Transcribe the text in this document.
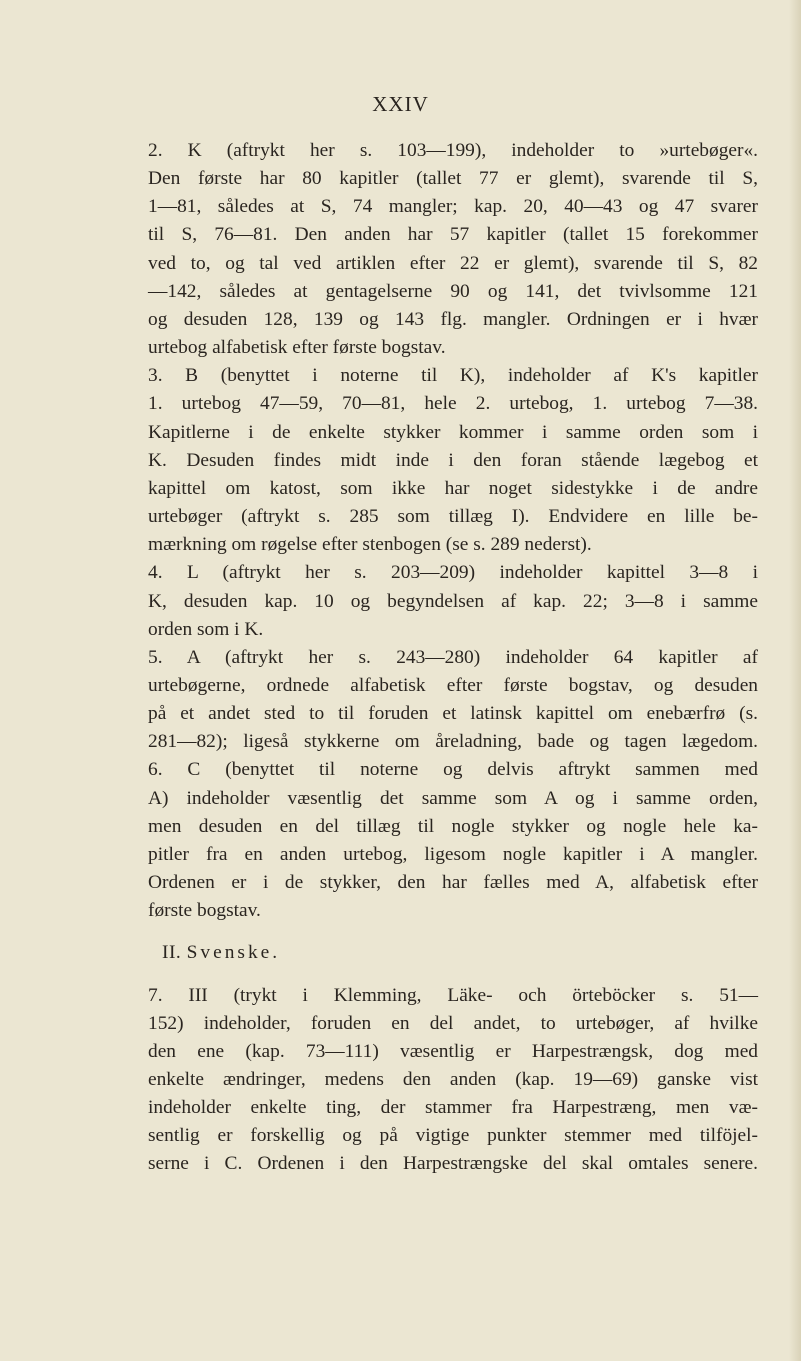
XXIV
2. K (aftrykt her s. 103—199), indeholder to »urtebøger«.
Den første har 80 kapitler (tallet 77 er glemt), svarende til S,
1—81, således at S, 74 mangler; kap. 20, 40—43 og 47 svarer
til S, 76—81. Den anden har 57 kapitler (tallet 15 forekommer
ved to, og tal ved artiklen efter 22 er glemt), svarende til S, 82
—142, således at gentagelserne 90 og 141, det tvivlsomme 121
og desuden 128, 139 og 143 flg. mangler. Ordningen er i hvær
urtebog alfabetisk efter første bogstav.
3. B (benyttet i noterne til K), indeholder af K's kapitler
1. urtebog 47—59, 70—81, hele 2. urtebog, 1. urtebog 7—38.
Kapitlerne i de enkelte stykker kommer i samme orden som i
K. Desuden findes midt inde i den foran stående lægebog et
kapittel om katost, som ikke har noget sidestykke i de andre
urtebøger (aftrykt s. 285 som tillæg I). Endvidere en lille be-
mærkning om røgelse efter stenbogen (se s. 289 nederst).
4. L (aftrykt her s. 203—209) indeholder kapittel 3—8 i
K, desuden kap. 10 og begyndelsen af kap. 22; 3—8 i samme
orden som i K.
5. A (aftrykt her s. 243—280) indeholder 64 kapitler af
urtebøgerne, ordnede alfabetisk efter første bogstav, og desuden
på et andet sted to til foruden et latinsk kapittel om enebærfrø (s.
281—82); ligeså stykkerne om åreladning, bade og tagen lægedom.
6. C (benyttet til noterne og delvis aftrykt sammen med
A) indeholder væsentlig det samme som A og i samme orden,
men desuden en del tillæg til nogle stykker og nogle hele ka-
pitler fra en anden urtebog, ligesom nogle kapitler i A mangler.
Ordenen er i de stykker, den har fælles med A, alfabetisk efter
første bogstav.
II. Svenske.
7. III (trykt i Klemming, Läke- och örteböcker s. 51—
152) indeholder, foruden en del andet, to urtebøger, af hvilke
den ene (kap. 73—111) væsentlig er Harpestrængsk, dog med
enkelte ændringer, medens den anden (kap. 19—69) ganske vist
indeholder enkelte ting, der stammer fra Harpestræng, men væ-
sentlig er forskellig og på vigtige punkter stemmer med tilföjel-
serne i C. Ordenen i den Harpestrængske del skal omtales senere.
